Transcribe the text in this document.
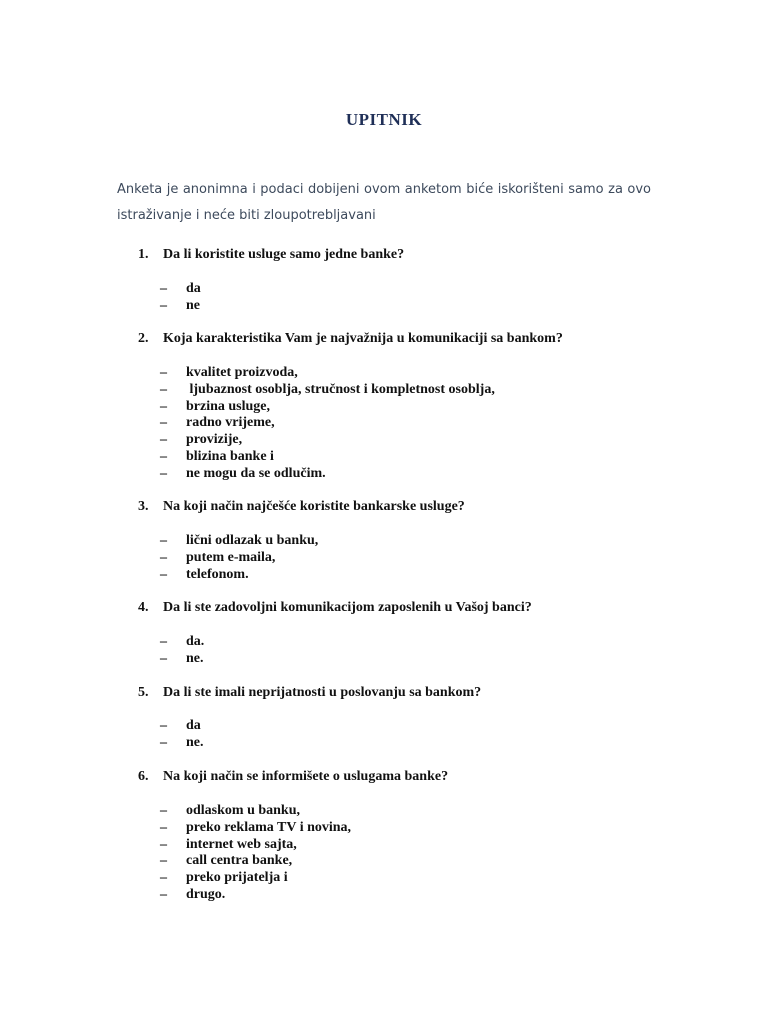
UPITNIK
Anketa je anonimna i podaci dobijeni ovom anketom biće iskorišteni samo za ovo
istraživanje i neće biti zloupotrebljavani
1. Da li koristite usluge samo jedne banke?
– da
– ne
2. Koja karakteristika Vam je najvažnija u komunikaciji sa bankom?
– kvalitet proizvoda,
– ljubaznost osoblja, stručnost i kompletnost osoblja,
– brzina usluge,
– radno vrijeme,
– provizije,
– blizina banke i
– ne mogu da se odlučim.
3. Na koji način najčešće koristite bankarske usluge?
– lični odlazak u banku,
– putem e-maila,
– telefonom.
4. Da li ste zadovoljni komunikacijom zaposlenih u Vašoj banci?
– da.
– ne.
5. Da li ste imali neprijatnosti u poslovanju sa bankom?
– da
– ne.
6. Na koji način se informišete o uslugama banke?
– odlaskom u banku,
– preko reklama TV i novina,
– internet web sajta,
– call centra banke,
– preko prijatelja i
– drugo.
